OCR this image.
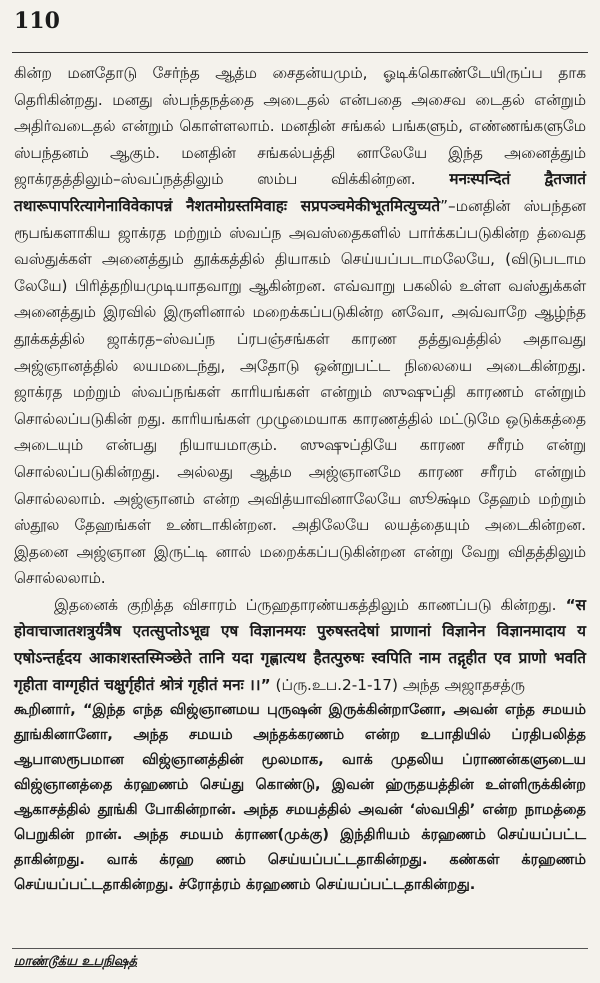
110

கின்ற மனதோடு சேர்ந்த ஆத்ம சைதன்யமும், ஓடிக்கொண்டேயிருப்ப தாக தெரிகின்றது. மனது ஸ்பந்தநத்தை அடைதல் என்பதை அசைவ டைதல் என்றும் அதிர்வடைதல் என்றும் கொள்ளலாம். மனதின் சங்கல் பங்களும், எண்ணங்களுமே ஸ்பந்தனம் ஆகும். மனதின் சங்கல்பத்தி னாலேயே இந்த அனைத்தும் ஜாக்ரதத்திலும்–ஸ்வப்நத்திலும் ஸம்ப விக்கின்றன. मनःस्पन्दितं द्वैतजातं तथारूपापरित्यागेनाविवेकापन्नं नैशतमोग्रस्तमिवाहः सप्रपञ्चमेकीभूतमित्युच्यते”–மனதின் ஸ்பந்தன ரூபங்களாகிய ஜாக்ரத மற்றும் ஸ்வப்ந அவஸ்தைகளில் பார்க்கப்படுகின்ற த்வைத வஸ்துக்கள் அனைத்தும் தூக்கத்தில் தியாகம் செய்யப்படாமலேயே, (விடுபடாம லேயே) பிரித்தறியமுடியாதவாறு ஆகின்றன. எவ்வாறு பகலில் உள்ள வஸ்துக்கள் அனைத்தும் இரவில் இருளினால் மறைக்கப்படுகின்ற னவோ, அவ்வாறே ஆழ்ந்த தூக்கத்தில் ஜாக்ரத–ஸ்வப்ந ப்ரபஞ்சங்கள் காரண தத்துவத்தில் அதாவது அஜ்ஞானத்தில் லயமடைந்து, அதோடு ஒன்றுபட்ட நிலையை அடைகின்றது. ஜாக்ரத மற்றும் ஸ்வப்நங்கள் காரியங்கள் என்றும் ஸுஷுப்தி காரணம் என்றும் சொல்லப்படுகின் றது. காரியங்கள் முழுமையாக காரணத்தில் மட்டுமே ஒடுக்கத்தை அடையும் என்பது நியாயமாகும். ஸுஷுப்தியே காரண சரீரம் என்று சொல்லப்படுகின்றது. அல்லது ஆத்ம அஜ்ஞானமே காரண சரீரம் என்றும் சொல்லலாம். அஜ்ஞானம் என்ற அவித்யாவினாலேயே ஸூக்ஷ்ம தேஹம் மற்றும் ஸ்தூல தேஹங்கள் உண்டாகின்றன. அதிலேயே லயத்தையும் அடைகின்றன. இதனை அஜ்ஞான இருட்டி னால் மறைக்கப்படுகின்றன என்று வேறு விதத்திலும் சொல்லலாம்.

இதனைக் குறித்த விசாரம் ப்ருஹதாரண்யகத்திலும் காணப்படு கின்றது. “स होवाचाजातशत्रुर्यत्रैष एतत्सुप्तोऽभूद्य एष विज्ञानमयः पुरुषस्तदेषां प्राणानां विज्ञानेन विज्ञानमादाय य एषोऽन्तर्हृदय आकाशस्तस्मिञ्छेते तानि यदा गृह्णात्यथ हैतत्पुरुषः स्वपिति नाम तद्गृहीत एव प्राणो भवति गृहीता वाग्गृहीतं चक्षुर्गृहीतं श्रोत्रं गृहीतं मनः ।।” (ப்ரு.உப.2-1-17) அந்த அஜாதசத்ரு

கூறினார், “இந்த எந்த விஜ்ஞானமய புருஷன் இருக்கின்றானோ, அவன் எந்த சமயம் தூங்கினானோ, அந்த சமயம் அந்தக்கரணம் என்ற உபாதியில் ப்ரதிபலித்த ஆபாஸரூபமான விஜ்ஞானத்தின் மூலமாக, வாக் முதலிய ப்ராணன்களுடைய விஜ்ஞானத்தை க்ரஹணம் செய்து கொண்டு, இவன் ஹ்ருதயத்தின் உள்ளிருக்கின்ற ஆகாசத்தில் தூங்கி போகின்றான். அந்த சமயத்தில் அவன் ‘ஸ்வபிதி’ என்ற நாமத்தை பெறுகின் றான். அந்த சமயம் க்ராண(முக்கு) இந்திரியம் க்ரஹணம் செய்யப்பட்ட தாகின்றது. வாக் க்ரஹ ணம் செய்யப்பட்டதாகின்றது. கண்கள் க்ரஹணம் செய்யப்பட்டதாகின்றது. ச்ரோத்ரம் க்ரஹணம் செய்யப்பட்டதாகின்றது.

மாண்டூக்ய உபநிஷத்
